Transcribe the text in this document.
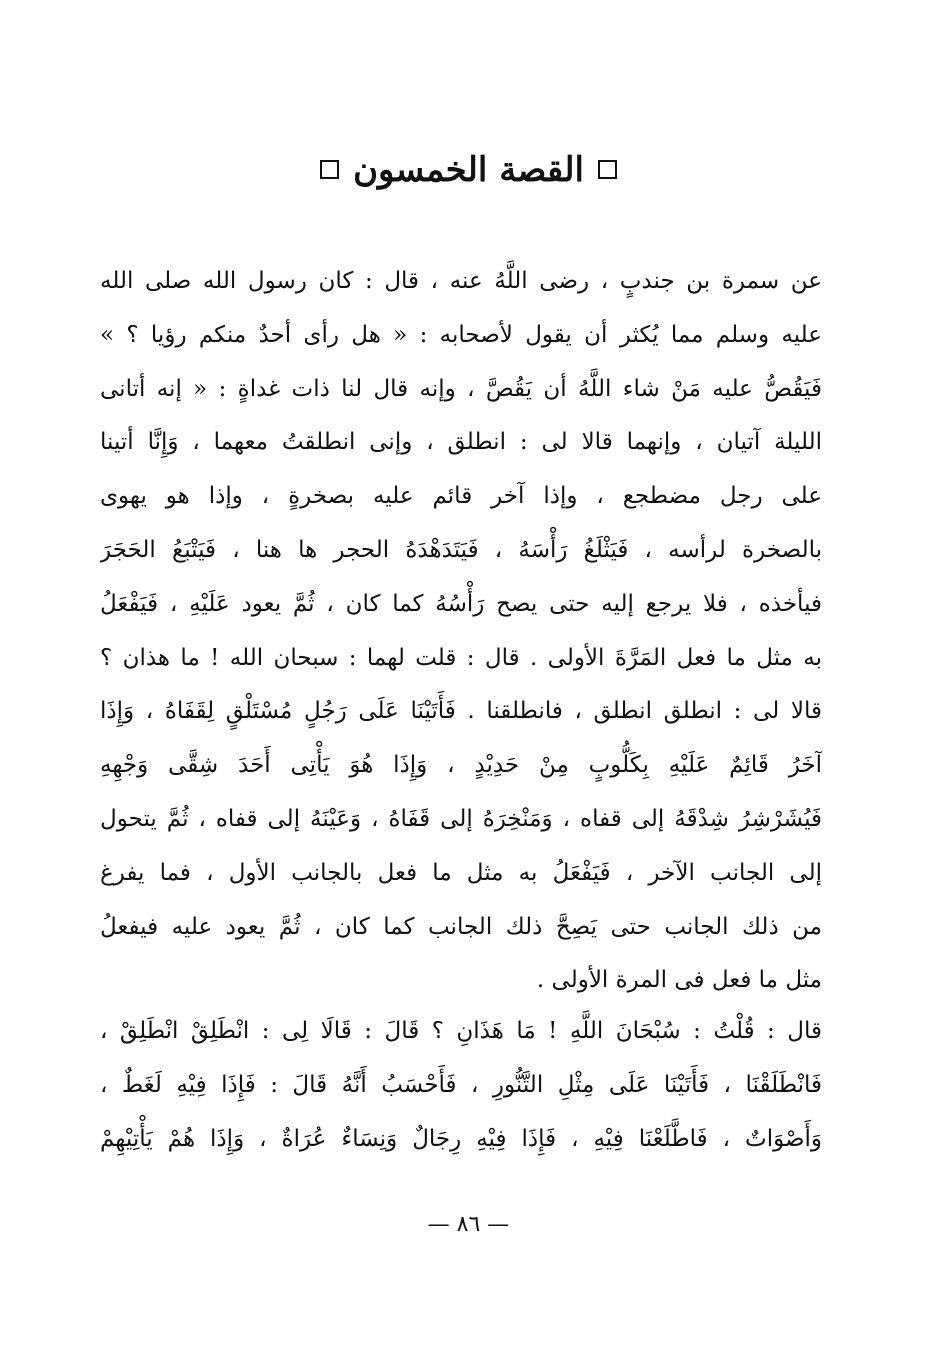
القصة الخمسون
عن سمرة بن جندبٍ ، رضى اللَّهُ عنه ، قال : كان رسول الله صلى الله
عليه وسلم مما يُكثر أن يقول لأصحابه : « هل رأى أحدٌ منكم رؤيا ؟ »
فَيَقُصُّ عليه مَنْ شاء اللَّهُ أن يَقُصَّ ، وإنه قال لنا ذات غداةٍ : « إنه أتانى
الليلة آتيان ، وإنهما قالا لى : انطلق ، وإنى انطلقتُ معهما ، وَإِنَّا أتينا
على رجل مضطجع ، وإذا آخر قائم عليه بصخرةٍ ، وإذا هو يهوى
بالصخرة لرأسه ، فَيَثْلَغُ رَأْسَهُ ، فَيَتَدَهْدَهُ الحجر ها هنا ، فَيَتْبَعُ الحَجَرَ
فيأخذه ، فلا يرجع إليه حتى يصح رَأْسُهُ كما كان ، ثُمَّ يعود عَلَيْهِ ، فَيَفْعَلُ
به مثل ما فعل المَرَّةَ الأولى . قال : قلت لهما : سبحان الله ! ما هذان ؟
قالا لى : انطلق انطلق ، فانطلقنا . فَأَتَيْنَا عَلَى رَجُلٍ مُسْتَلْقٍ لِقَفَاهُ ، وَإِذَا
آخَرُ قَائِمٌ عَلَيْهِ بِكَلُّوبٍ مِنْ حَدِيْدٍ ، وَإِذَا هُوَ يَأْتِى أَحَدَ شِقَّى وَجْهِهِ
فَيُشَرْشِرُ شِدْقَهُ إلى قفاه ، وَمَنْخِرَهُ إلى قَفَاهُ ، وَعَيْنَهُ إلى قفاه ، ثُمَّ يتحول
إلى الجانب الآخر ، فَيَفْعَلُ به مثل ما فعل بالجانب الأول ، فما يفرغ
من ذلك الجانب حتى يَصِحَّ ذلك الجانب كما كان ، ثُمَّ يعود عليه فيفعلُ
مثل ما فعل فى المرة الأولى .
قال : قُلْتُ : سُبْحَانَ اللَّهِ ! مَا هَذَانِ ؟ قَالَ : قَالَا لِى : انْطَلِقْ انْطَلِقْ ،
فَانْطَلَقْنَا ، فَأَتَيْنَا عَلَى مِثْلِ التَّنُّورِ ، فَأَحْسَبُ أَنَّهُ قَالَ : فَإِذَا فِيْهِ لَغَطٌ ،
وَأَصْوَاتٌ ، فَاطَّلَعْنَا فِيْهِ ، فَإِذَا فِيْهِ رِجَالٌ وَنِسَاءٌ عُرَاةٌ ، وَإِذَا هُمْ يَأْتِيْهِمْ
— ٨٦ —
